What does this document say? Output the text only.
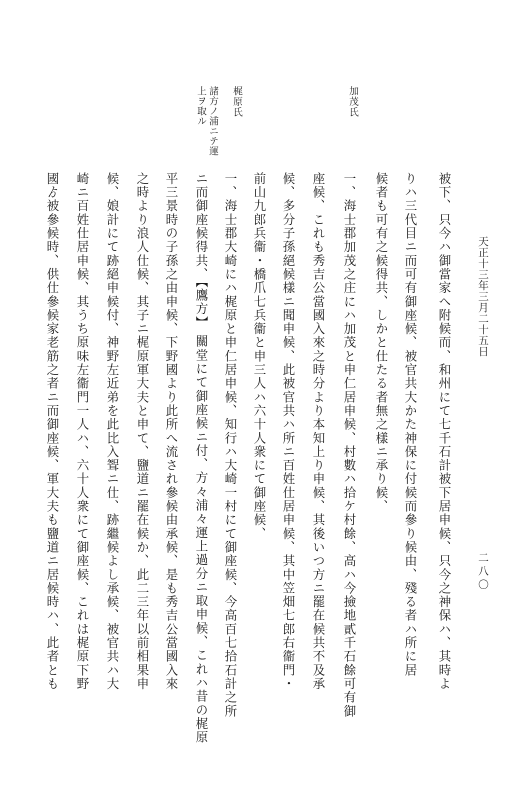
天正十三年三月二十五日
二八〇
加茂氏
梶原氏
諸方ノ浦ニテ運上ヲ取ル
被下、只今ハ御當家へ附候而、和州にて七千石計被下居申候、只今之神保ハ、其時よ
りハ三代目ニ而可有御座候、被官共大かた神保に付候而參り候由、殘る者ハ所に居
候者も可有之候得共、しかと仕たる者無之樣ニ承り候、
一、海士郡加茂之庄にハ加茂と申仁居申候、村數ハ拾ケ村餘、高ハ今撿地貳千石餘可有御
座候、これも秀吉公當國入來之時分より本知上り申候、其後いつ方ニ罷在候共不及承
候、多分子孫絕候樣ニ聞申候、此被官共ハ所ニ百姓仕居申候、其中笠畑七郎右衞門・
前山九郎兵衞・橋爪七兵衞と申三人ハ六十人衆にて御座候、
一、海士郡大崎にハ梶原と申仁居申候、知行ハ大崎一村にて御座候、今高百七拾石計之所
ニ而御座候得共、【鷹方】 關堂にて御座候ニ付、方々浦々運上過分ニ取申候、これハ昔の梶原
平三景時の子孫之由申候、下野國より此所へ流され參候由承候、是も秀吉公當國入來
之時より浪人仕候、其子ニ梶原軍大夫と申て、鹽道ニ罷在候か、此二三年以前相果申
候、娘計にて跡絕申候付、神野左近弟を此比入聟ニ仕、跡繼候よし承候、被官共ハ大
崎ニ百姓仕居申候、其うち原味左衞門一人ハ、六十人衆にて御座候、これは梶原下野
國ゟ被參候時、供仕參候家老筋之者ニ而御座候、軍大夫も鹽道ニ居候時ハ、此者とも
